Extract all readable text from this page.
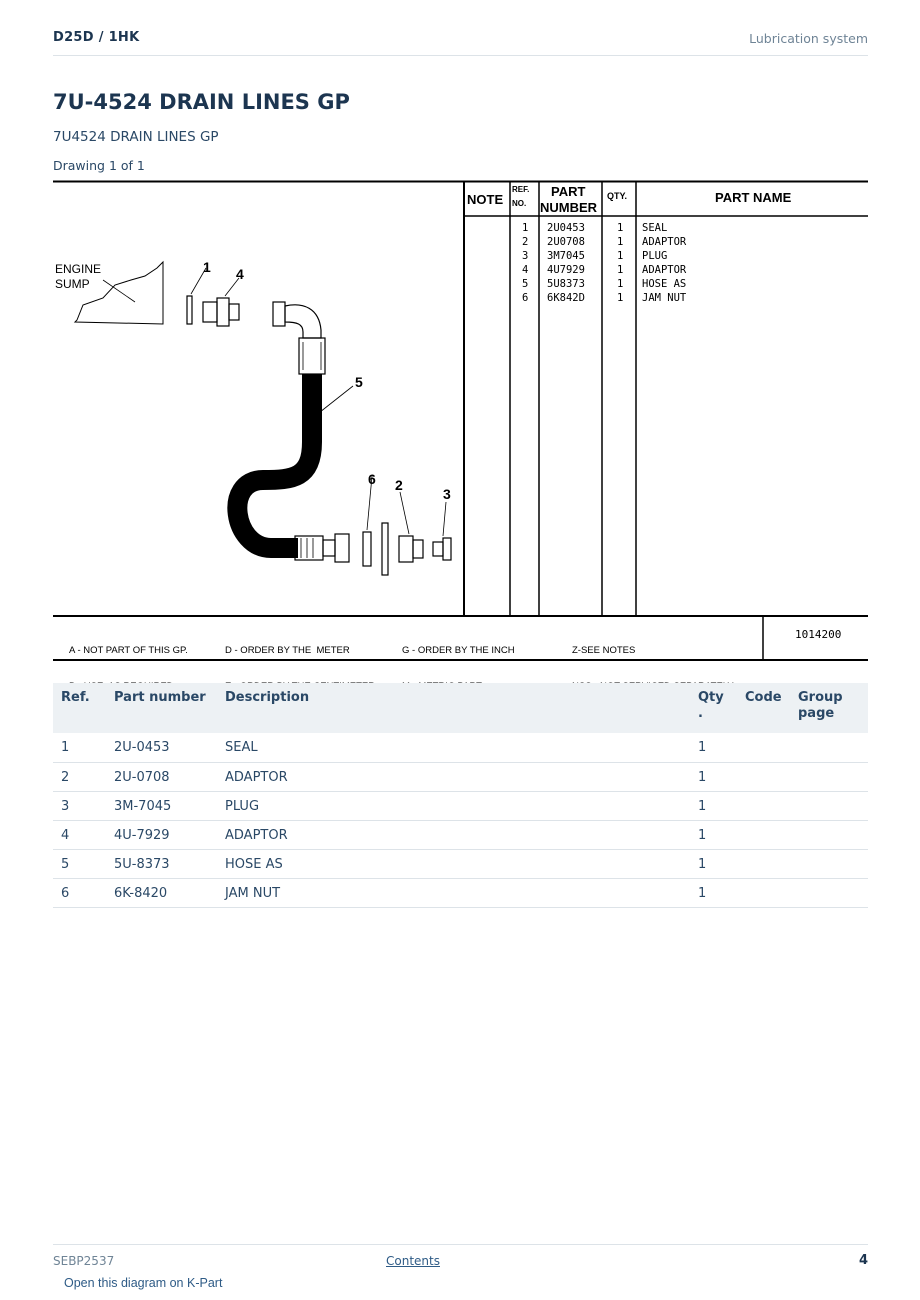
D25D / 1HK	Lubrication system
7U-4524 DRAIN LINES GP
7U4524 DRAIN LINES GP
Drawing 1 of 1
NOTE
REF.
NO.
PART
NUMBER
QTY.	PART NAME
1 2U0453	1 SEAL
2 2U0708	1 ADAPTOR
3 3M7045	1 PLUG
4 4U7929	1 ADAPTOR
5 5U8373	1 HOSE AS
6 6K842D	1 JAM NUT
ENGINE
SUMP
1 4
5
6 2
3

A - NOT PART OF THIS GP.

	D - ORDER BY THE  METER

	G - ORDER BY THE INCH

	Z-SEE NOTES

1014200
Ref.	Part number	Description	Qty .	Code	Group page
1	2U-0453	SEAL	1		
2	2U-0708	ADAPTOR	1		
3	3M-7045	PLUG	1		
4	4U-7929	ADAPTOR	1		
5	5U-8373	HOSE AS	1		
6	6K-8420	JAM NUT	1		
SEBP2537	Contents	4
Open this diagram on K-Part
